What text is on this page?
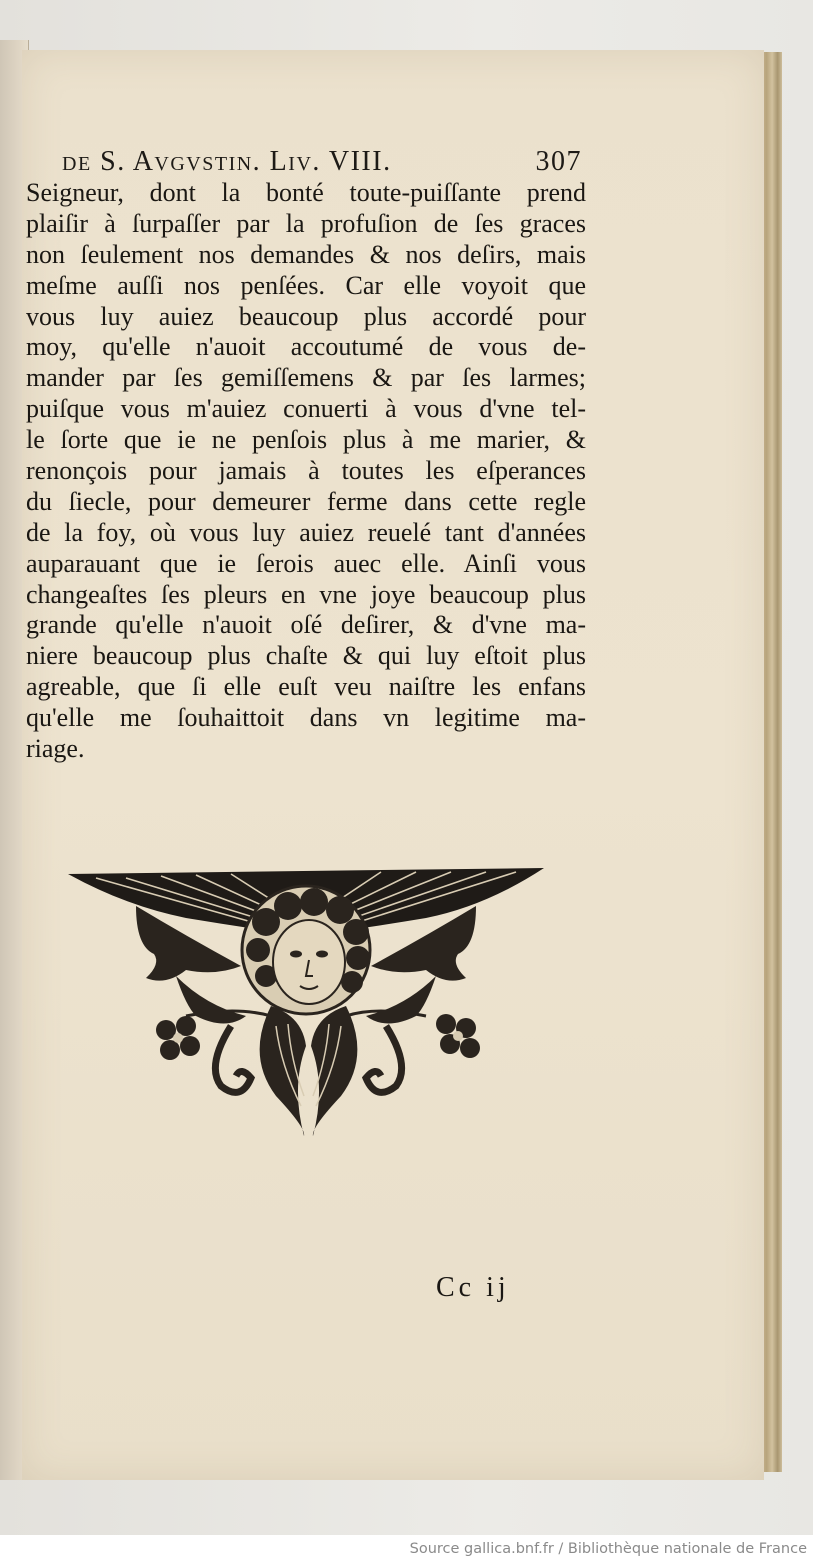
de S. Avgvstin. Liv. VIII.	307
Seigneur, dont la bonté toute-puiſſante prend
plaiſir à ſurpaſſer par la profuſion de ſes graces
non ſeulement nos demandes & nos deſirs, mais
meſme auſſi nos penſées. Car elle voyoit que
vous luy auiez beaucoup plus accordé pour
moy, qu'elle n'auoit accoutumé de vous de-
mander par ſes gemiſſemens & par ſes larmes;
puiſque vous m'auiez conuerti à vous d'vne tel-
le ſorte que ie ne penſois plus à me marier, &
renonçois pour jamais à toutes les eſperances
du ſiecle, pour demeurer ferme dans cette regle
de la foy, où vous luy auiez reuelé tant d'années
auparauant que ie ſerois auec elle. Ainſi vous
changeaſtes ſes pleurs en vne joye beaucoup plus
grande qu'elle n'auoit oſé deſirer, & d'vne ma-
niere beaucoup plus chaſte & qui luy eſtoit plus
agreable, que ſi elle euſt veu naiſtre les enfans
qu'elle me ſouhaittoit dans vn legitime ma-
riage.
Cc ij
Source gallica.bnf.fr / Bibliothèque nationale de France
